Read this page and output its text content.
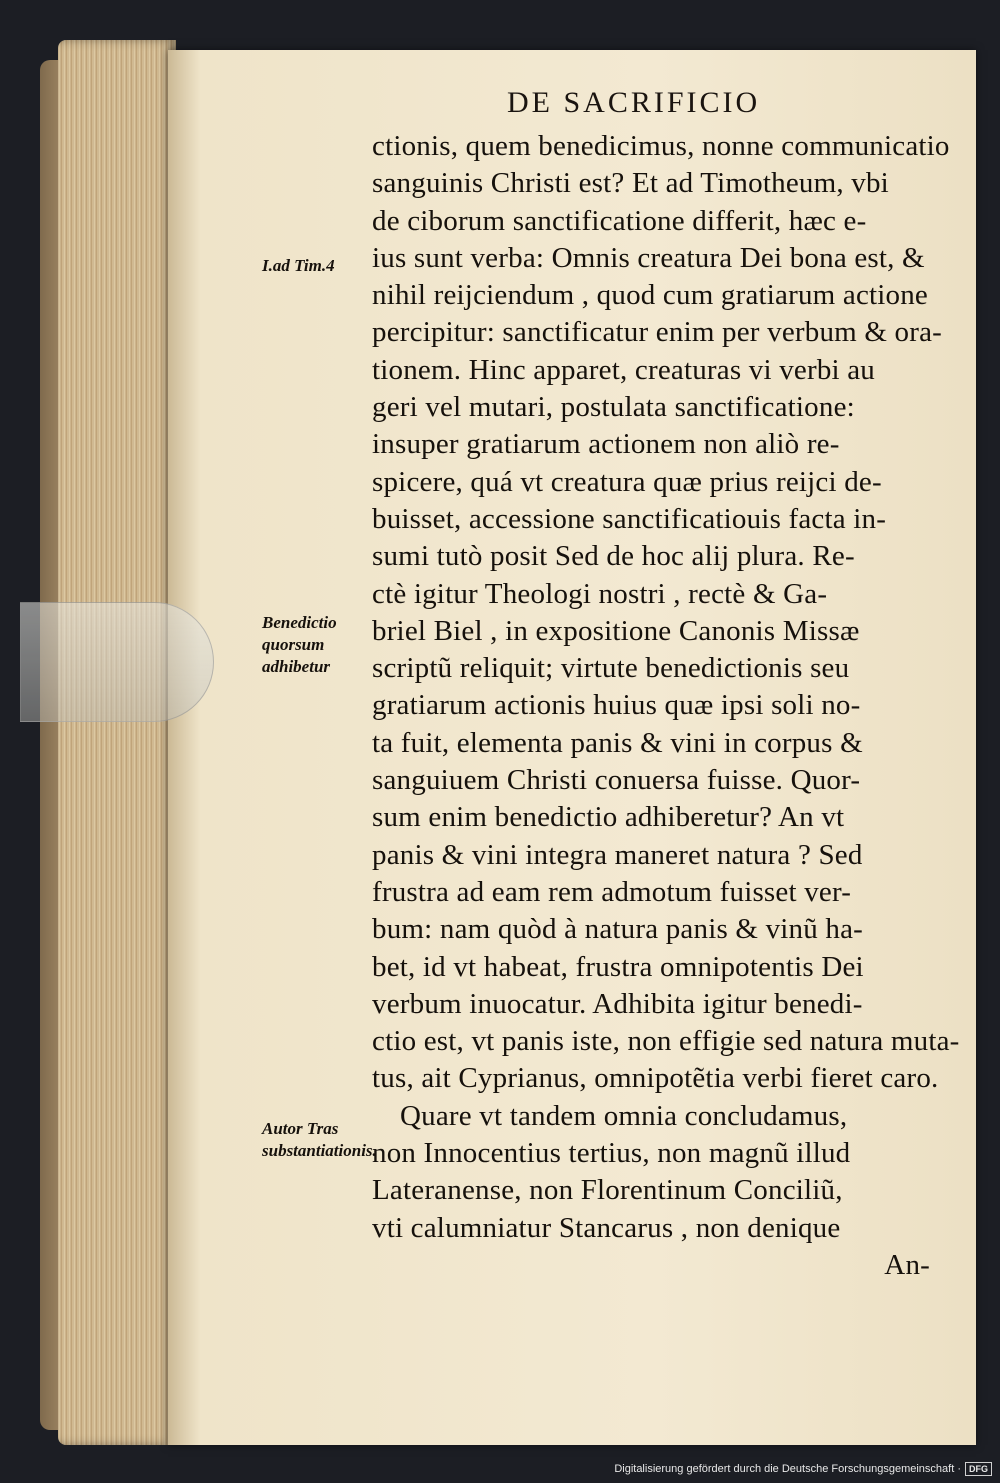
DE SACRIFICIO
I.ad Tim.4
Benedictio quorsum adhibetur
Autor Tras substantiationis.
ctionis, quem benedicimus, nonne communicatio
sanguinis Christi est? Et ad Timotheum, vbi
de ciborum sanctificatione differit, hæc e-
ius sunt verba: Omnis creatura Dei bona est, &
nihil reijciendum , quod cum gratiarum actione
percipitur: sanctificatur enim per verbum & ora-
tionem. Hinc apparet, creaturas vi verbi au
geri vel mutari, postulata sanctificatione:
insuper gratiarum actionem non aliò re-
spicere, quá vt creatura quæ prius reijci de-
buisset, accessione sanctificatiouis facta in-
sumi tutò posit Sed de hoc alij plura. Re-
ctè igitur Theologi nostri , rectè & Ga-
briel Biel , in expositione Canonis Missæ
scriptũ reliquit; virtute benedictionis seu
gratiarum actionis huius quæ ipsi soli no-
ta fuit, elementa panis & vini in corpus &
sanguiuem Christi conuersa fuisse. Quor-
sum enim benedictio adhiberetur? An vt
panis & vini integra maneret natura ? Sed
frustra ad eam rem admotum fuisset ver-
bum: nam quòd à natura panis & vinũ ha-
bet, id vt habeat, frustra omnipotentis Dei
verbum inuocatur. Adhibita igitur benedi-
ctio est, vt panis iste, non effigie sed natura muta-
tus, ait Cyprianus, omnipotẽtia verbi fieret caro.
Quare vt tandem omnia concludamus,
non Innocentius tertius, non magnũ illud
Lateranense, non Florentinum Conciliũ,
vti calumniatur Stancarus , non denique
An-
Digitalisierung gefördert durch die Deutsche Forschungsgemeinschaft · DFG
